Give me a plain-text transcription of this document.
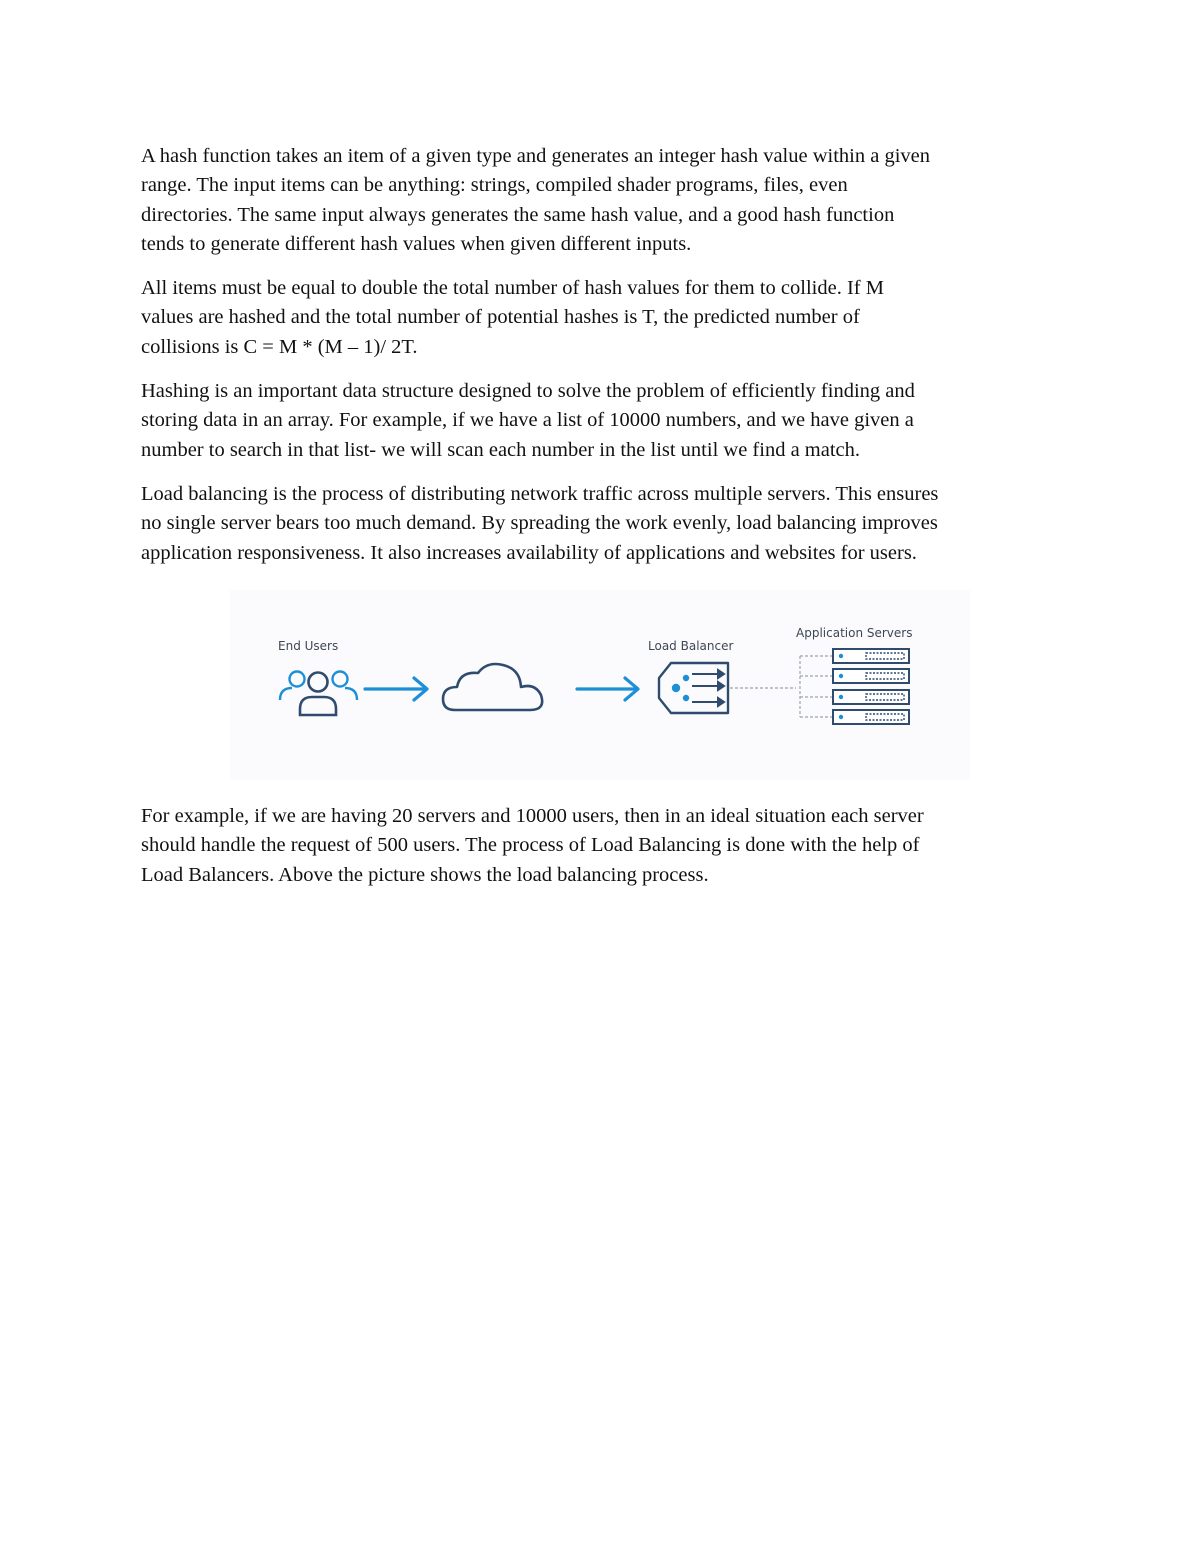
A hash function takes an item of a given type and generates an integer hash value within a given
range. The input items can be anything: strings, compiled shader programs, files, even
directories. The same input always generates the same hash value, and a good hash function
tends to generate different hash values when given different inputs.

All items must be equal to double the total number of hash values for them to collide. If M
values are hashed and the total number of potential hashes is T, the predicted number of
collisions is C = M * (M – 1)/ 2T.

Hashing is an important data structure designed to solve the problem of efficiently finding and
storing data in an array. For example, if we have a list of 10000 numbers, and we have given a
number to search in that list- we will scan each number in the list until we find a match.

Load balancing is the process of distributing network traffic across multiple servers. This ensures
no single server bears too much demand. By spreading the work evenly, load balancing improves
application responsiveness. It also increases availability of applications and websites for users.

End Users	Load Balancer
Application Servers

For example, if we are having 20 servers and 10000 users, then in an ideal situation each server
should handle the request of 500 users. The process of Load Balancing is done with the help of
Load Balancers. Above the picture shows the load balancing process.
